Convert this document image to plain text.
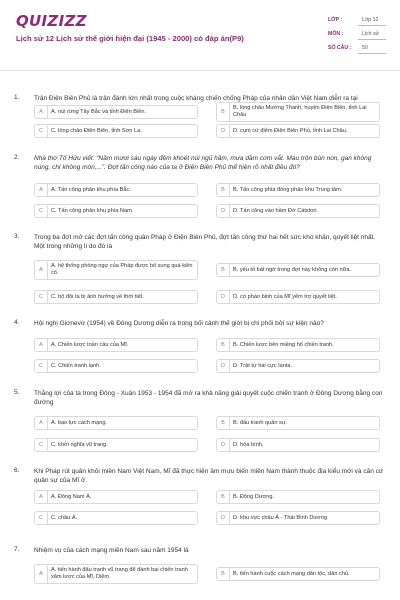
QUIZIZZ
Lịch sử 12 Lịch sử thế giới hiện đại (1945 - 2000) có đáp án(P9)
LỚP :	Lớp 12
MÔN :	Lịch sử
SỐ CÂU : 50
1. Trận Điện Biên Phủ là trận đánh lớn nhất trong cuộc kháng chiến chống Pháp của nhân dân Việt Nam diễn ra tại
A	A. núi rừng Tây Bắc và tỉnh Điện Biên.	B
B. lòng chảo Mường Thanh, huyện Điện Biên, tỉnh Lai Châu
C	C. lòng chảo Điện Biên, tỉnh Sơn La.	D	D. cụm cứ điểm Điện Biên Phủ, tỉnh Lai Châu.
2. Nhà thơ Tố Hữu viết: “Năm mươi sáu ngày đêm khoét núi ngủ hầm, mưa dầm cơm vắt. Máu trộn bùn non, gan không núng, chí không mòn,...”. Đợt tấn công nào của ta ở Điện Biên Phủ thể hiện rõ nhất điều đó?
A	A. Tấn công phân khu phía Bắc.	B	B. Tấn công phía đông phân khu Trung tâm.
C	C. Tấn công phân khu phía Nam.	D	D. Tấn công vào hầm Đờ Cátxtori.
3. Trong ba đợt mở các đợt tấn công quân Pháp ở Điện Biên Phủ, đợt tấn công thứ hai hết sức khó khăn, quyết liệt nhất. Một trong những lí do đó là
A
A. hệ thống phòng ngự của Pháp được bố sung quá kiên cố.	B	B. yếu tố bất ngờ trong đợt này không còn nữa.
C	C. bộ đội ta bị ảnh hưởng về thời tiết.	D	D. có pháo binh của Mĩ yểm trợ quyết liệt.
4. Hội nghị Giơnevơ (1954) về Đông Dương diễn ra trong bối cảnh thế giới bị chi phối bởi sự kiện nào?
A	A. Chiến lược toàn cầu của Mĩ.	B	B. Chiến lược bên miệng hố chiến tranh.
C	C. Chiến tranh lạnh.	D	D. Trật tự hai cực Ianta.
5. Thắng lợi của ta trong Đông - Xuân 1953 - 1954 đã mở ra khả năng giải quyết cuộc chiến tranh ở Đông Dương bằng con đường
A	A. bạo lực cách mạng.	B	B. đấu tranh quân sự.
C	C. khởi nghĩa vũ trang.	D	D. hòa bình.
6. Khi Pháp rút quân khỏi miền Nam Việt Nam, Mĩ đã thực hiện âm mưu biến miền Nam thành thuộc địa kiểu mới và căn cứ quân sự của Mĩ ở.
A	A. Đông Nam Á.	B	B. Đông Dương.
C	C. châu Á.	D	D. khu vực châu Á - Thái Bình Dương
7. Nhiệm vụ của cách mạng miền Nam sau năm 1954 là
A
A. tiến hành đấu tranh vũ trang để đánh bại chiến tranh xâm lược của Mĩ, Diệm.	B	B. tiến hành cuộc cách mạng dân tộc, dân chủ.
